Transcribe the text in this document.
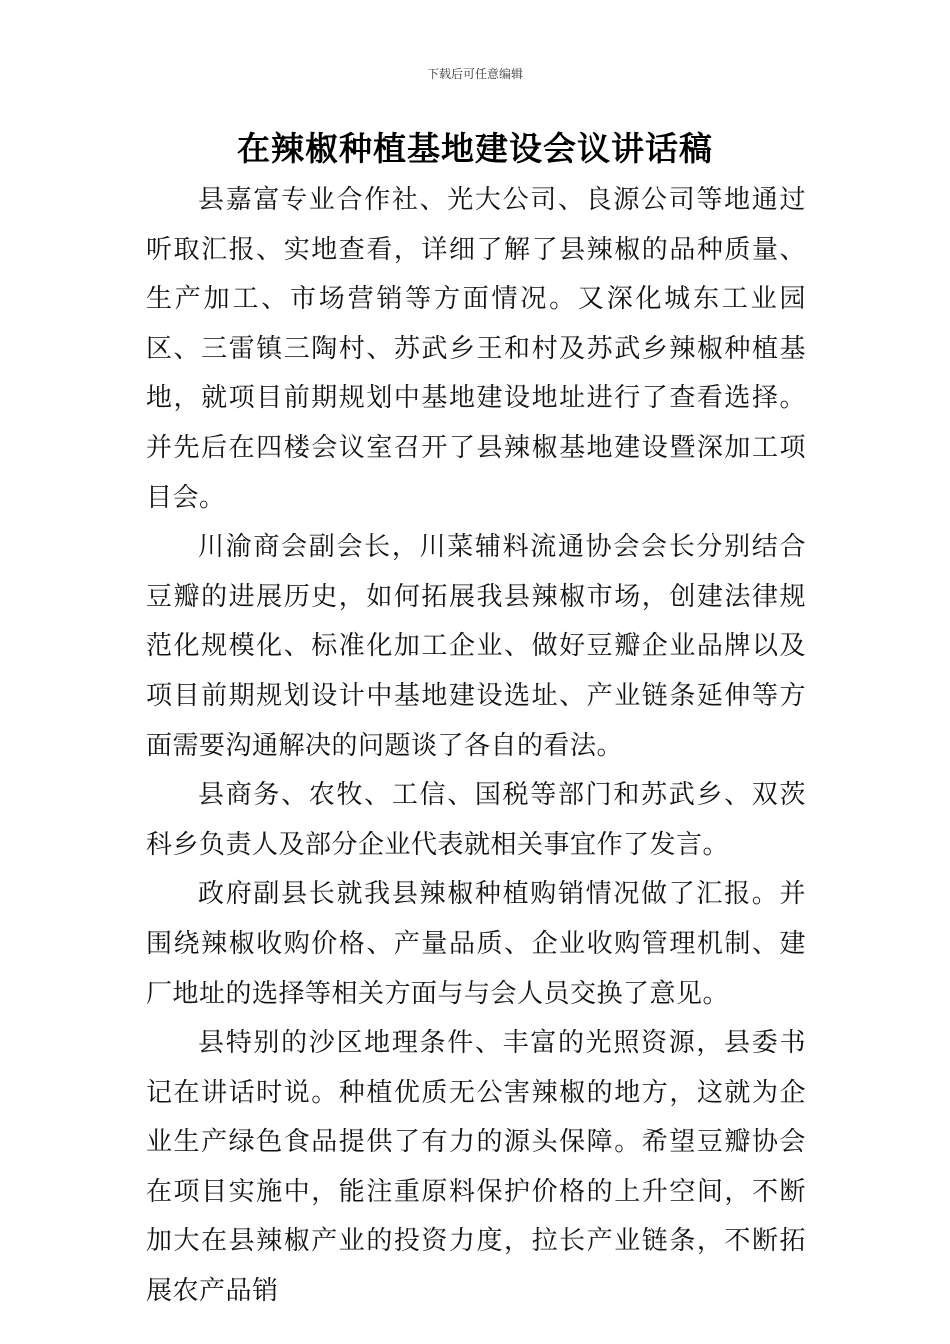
下载后可任意编辑
在辣椒种植基地建设会议讲话稿

县嘉富专业合作社、光大公司、良源公司等地通过听取汇报、实地查看，详细了解了县辣椒的品种质量、生产加工、市场营销等方面情况。又深化城东工业园区、三雷镇三陶村、苏武乡王和村及苏武乡辣椒种植基地，就项目前期规划中基地建设地址进行了查看选择。并先后在四楼会议室召开了县辣椒基地建设暨深加工项目会。

川渝商会副会长，川菜辅料流通协会会长分别结合豆瓣的进展历史，如何拓展我县辣椒市场，创建法律规范化规模化、标准化加工企业、做好豆瓣企业品牌以及项目前期规划设计中基地建设选址、产业链条延伸等方面需要沟通解决的问题谈了各自的看法。

县商务、农牧、工信、国税等部门和苏武乡、双茨科乡负责人及部分企业代表就相关事宜作了发言。

政府副县长就我县辣椒种植购销情况做了汇报。并围绕辣椒收购价格、产量品质、企业收购管理机制、建厂地址的选择等相关方面与与会人员交换了意见。

县特别的沙区地理条件、丰富的光照资源，县委书记在讲话时说。种植优质无公害辣椒的地方，这就为企业生产绿色食品提供了有力的源头保障。希望豆瓣协会在项目实施中，能注重原料保护价格的上升空间，不断加大在县辣椒产业的投资力度，拉长产业链条，不断拓展农产品销
